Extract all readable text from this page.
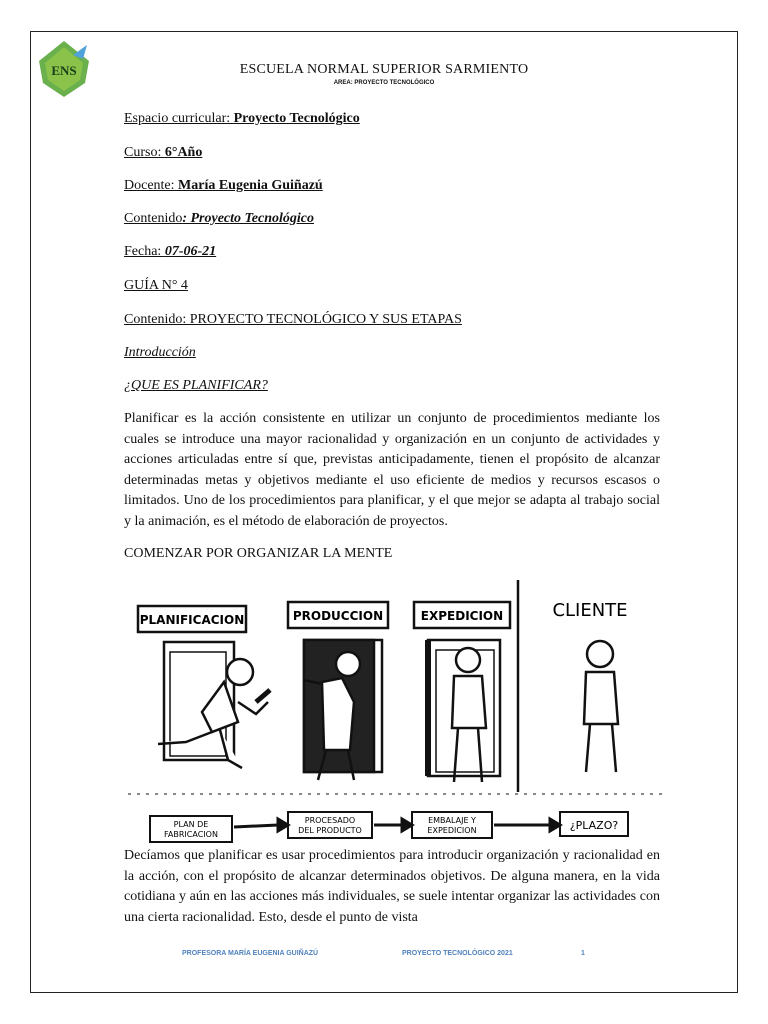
ENS	ESCUELA NORMAL SUPERIOR SARMIENTO
AREA: PROYECTO TECNOLÓGICO
Espacio curricular: Proyecto Tecnológico
Curso: 6°Año
Docente: María Eugenia Guiñazú
Contenido: Proyecto Tecnológico
Fecha: 07-06-21
GUÍA N° 4
Contenido: PROYECTO TECNOLÓGICO Y SUS ETAPAS
Introducción
¿QUE ES PLANIFICAR?
Planificar es la acción consistente en utilizar un conjunto de procedimientos mediante los cuales se introduce una mayor racionalidad y organización en un conjunto de actividades y acciones articuladas entre sí que, previstas anticipadamente, tienen el propósito de alcanzar determinadas metas y objetivos mediante el uso eficiente de medios y recursos escasos o limitados. Uno de los procedimientos para planificar, y el que mejor se adapta al trabajo social y la animación, es el método de elaboración de proyectos.
COMENZAR POR ORGANIZAR LA MENTE
PLANIFICACION	PRODUCCION	EXPEDICION	CLIENTE
PLAN DE
FABRICACION
PROCESADO
DEL PRODUCTO
EMBALAJE Y
EXPEDICION	¿PLAZO?
Decíamos que planificar es usar procedimientos para introducir organización y racionalidad en la acción, con el propósito de alcanzar determinados objetivos. De alguna manera, en la vida cotidiana y aún en las acciones más individuales, se suele intentar organizar las actividades con una cierta racionalidad. Esto, desde el punto de vista
PROFESORA MARÍA EUGENIA GUIÑAZÚ	PROYECTO TECNOLÓGICO 2021	1
